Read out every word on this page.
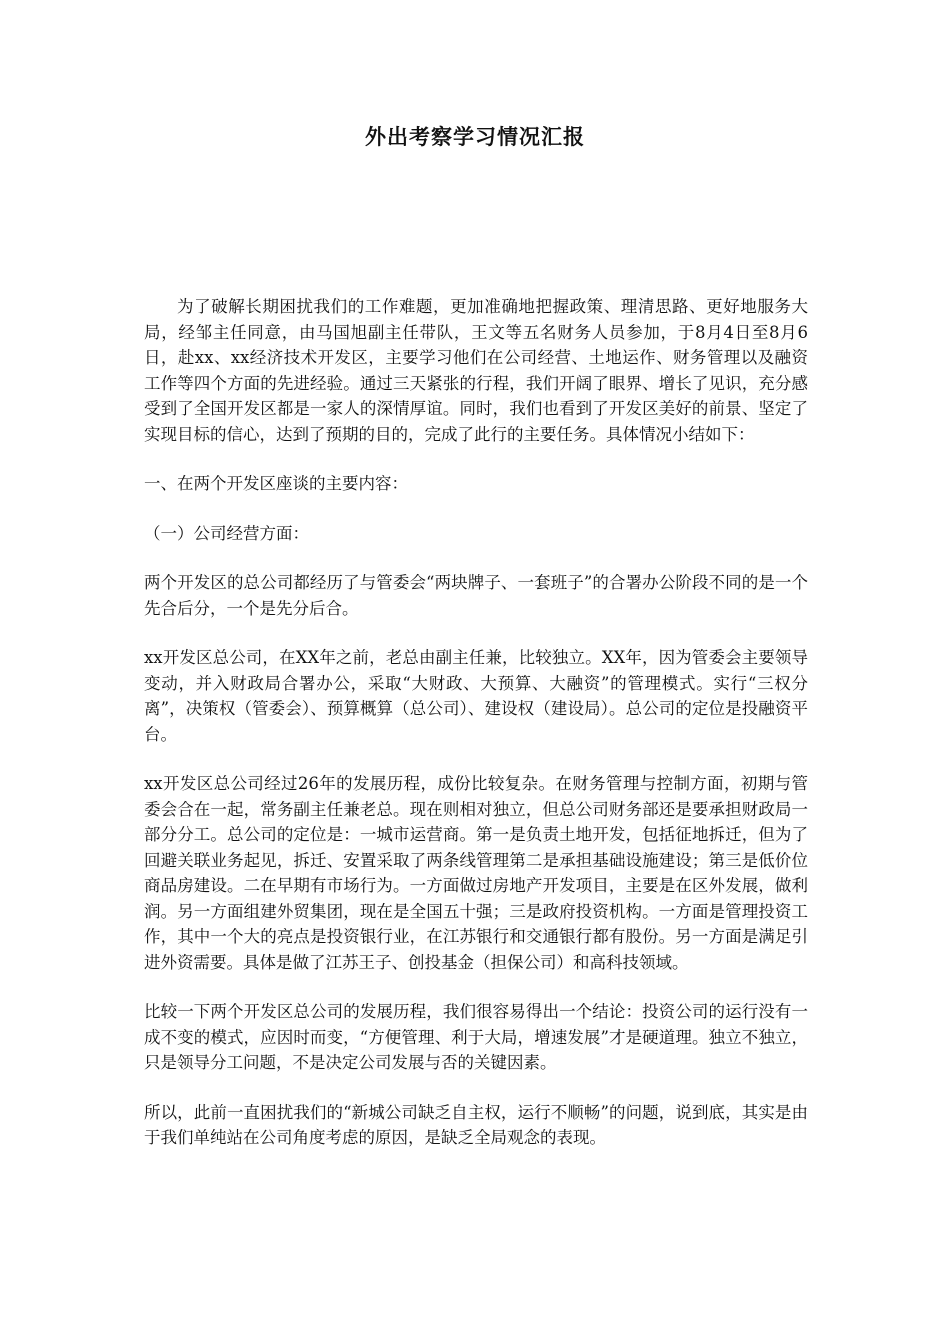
外出考察学习情况汇报

为了破解长期困扰我们的工作难题，更加准确地把握政策、理清思路、更好地服务大局，经邹主任同意，由马国旭副主任带队，王文等五名财务人员参加，于8月4日至8月6日，赴xx、xx经济技术开发区，主要学习他们在公司经营、土地运作、财务管理以及融资工作等四个方面的先进经验。通过三天紧张的行程，我们开阔了眼界、增长了见识，充分感受到了全国开发区都是一家人的深情厚谊。同时，我们也看到了开发区美好的前景、坚定了实现目标的信心，达到了预期的目的，完成了此行的主要任务。具体情况小结如下：

一、在两个开发区座谈的主要内容：

（一）公司经营方面：

两个开发区的总公司都经历了与管委会“两块牌子、一套班子”的合署办公阶段不同的是一个先合后分，一个是先分后合。

xx开发区总公司，在XX年之前，老总由副主任兼，比较独立。XX年，因为管委会主要领导变动，并入财政局合署办公，采取“大财政、大预算、大融资”的管理模式。实行“三权分离”，决策权（管委会）、预算概算（总公司）、建设权（建设局）。总公司的定位是投融资平台。

xx开发区总公司经过26年的发展历程，成份比较复杂。在财务管理与控制方面，初期与管委会合在一起，常务副主任兼老总。现在则相对独立，但总公司财务部还是要承担财政局一部分分工。总公司的定位是：一城市运营商。第一是负责土地开发，包括征地拆迁，但为了回避关联业务起见，拆迁、安置采取了两条线管理第二是承担基础设施建设；第三是低价位商品房建设。二在早期有市场行为。一方面做过房地产开发项目，主要是在区外发展，做利润。另一方面组建外贸集团，现在是全国五十强；三是政府投资机构。一方面是管理投资工作，其中一个大的亮点是投资银行业，在江苏银行和交通银行都有股份。另一方面是满足引进外资需要。具体是做了江苏王子、创投基金（担保公司）和高科技领域。

比较一下两个开发区总公司的发展历程，我们很容易得出一个结论：投资公司的运行没有一成不变的模式，应因时而变，“方便管理、利于大局，增速发展”才是硬道理。独立不独立，只是领导分工问题，不是决定公司发展与否的关键因素。

所以，此前一直困扰我们的“新城公司缺乏自主权，运行不顺畅”的问题，说到底，其实是由于我们单纯站在公司角度考虑的原因，是缺乏全局观念的表现。
